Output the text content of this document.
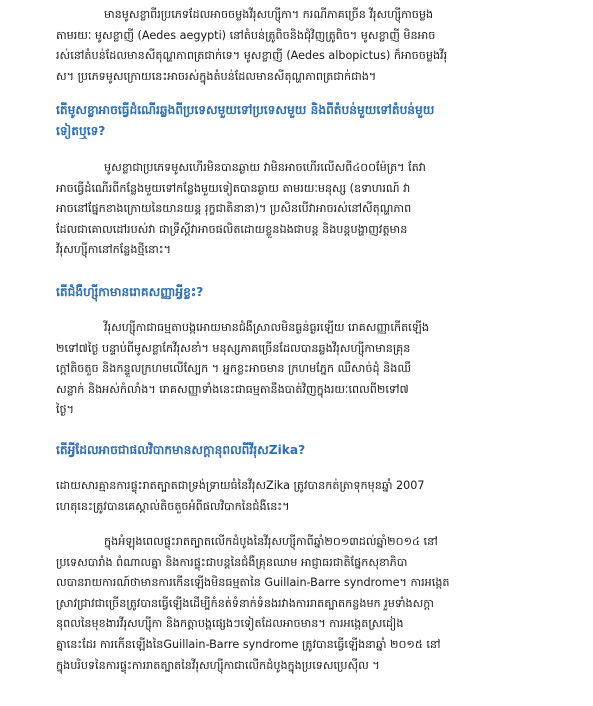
មានមូសខ្លាពីរប្រភេទដែលអាចចម្លងវីរុសហ្ស៊ីកា។ ករណីភាគច្រើន វីរុសហ្ស៊ីកាចម្លង
តាមរយៈ មូសខ្លាញី (Aedes aegypti) នៅតំបន់ត្រូពិចនិងជុំវិញត្រូពិច។ មូសខ្លាញី មិនអាច
រស់នៅតំបន់ដែលមានសីតុណ្ហភាពត្រជាក់ទេ។ មូសខ្លាញី (Aedes albopictus) ក៏អាចចម្លងវីរុ
ស។ ប្រភេទមូសក្រោយនេះអាចរស់ក្នុងតំបន់ដែលមានសីតុណ្ហភាពត្រជាក់ជាង។
តើមូសខ្លាអាចធ្វើដំណើរឆ្លងពីប្រទេសមួយទៅប្រទេសមួយ និងពីតំបន់មួយទៅតំបន់មួយ
ទៀតឬទេ?
មូសខ្លាជាប្រភេទមូសហើរមិនបានឆ្ងាយ វាមិនអាចហើរលើសពី៤០០ម៉ែត្រ។ តែវា
អាចធ្វើដំណើរពីកន្លែងមួយទៅកន្លែងមួយទៀតបានឆ្ងាយ តាមរយៈមនុស្ស (ឧទាហរណ៍ វា
អាចនៅផ្នែកខាងក្រោយនៃយានយន្ត រុក្ខជាតិនានា)។ ប្រសិនបើវាអាចរស់នៅសីតុណ្ហភាព
ដែលជាគោលដៅរបស់វា ជាទ្រឹស្តីវាអាចផលិតដោយខ្លួនឯងជាបន្ត និងបន្តបង្ហាញវត្តមាន
វីរុសហ្ស៊ីកានៅកន្លែងថ្មីនោះ។
តើជំងឺហ្ស៊ីកាមានរោគសញ្ញាអ្វីខ្លះ?
វីរុសហ្ស៊ីកាជាធម្មតាបង្កអោយមានជំងឺស្រាលមិនធ្ងន់ធ្ងរឡើយ រោគសញ្ញាកើតឡើង
២ទៅ៧ថ្ងៃ បន្ទាប់ពីមូសខ្លាកែវីរុសខាំ។ មនុស្សភាគច្រើនដែលបានឆ្លងវីរុសហ្ស៊ីកាមានគ្រុន
ក្តៅតិចតួច និងកន្ទួលក្រហមលើស្បែក ។ អ្នកខ្លះអាចមាន ក្រហមភ្នែក ឈឺសាច់ដុំ និងឈឺ
សន្លាក់ និងអស់កំលាំង។ រោគសញ្ញាទាំងនេះជាធម្មតានឹងបាត់វិញក្នុងរយៈពេលពី២ទៅ៧
ថ្ងៃ។
តើអ្វីដែលអាចជាផលវិបាកមានសក្តានុពលពីវីរុសZika?
ដោយសារគ្មានការផ្ទុះរាតត្បាតជាទ្រង់ទ្រាយធំនៃវីរុសZika ត្រូវបានកត់ត្រាទុកមុនឆ្នាំ 2007
ហេតុនេះត្រូវបានគេស្គាល់តិចតួចអំពីផលវិបាកនៃជំងឺនេះ។
ក្នុងអំឡុងពេលផ្ទុះរាតត្បាតលើកដំបូងនៃវីរុសហ្ស៊ីកាពីឆ្នាំ២០១៣ដល់ឆ្នាំ២០១៤ នៅ
ប្រទេសបារាំង ពំណាលគ្នា និងការផ្ទុះជាបន្តនៃជំងឺគ្រុនឈាម អាជ្ញាធរជាតិផ្នែកសុខាភិបា
លបានរាយការណ៍ថាមានការកើនឡើងមិនធម្មតានៃ Guillain-Barre syndrome។ ការអង្កេត
ស្រាវជ្រាវជាច្រើនត្រូវបានធ្វើឡើងដើម្បីកំនត់ទំនាក់ទំនងរវាងការរាតត្បាតកន្លងមក រួមទាំងសក្តា
នុពលនៃមុខងារវីរុសហ្ស៊ីកា និងកត្តាបង្កផ្សេងៗទៀតដែលអាចមាន។ ការអង្កេតស្រដៀង
គ្នានេះដែរ ការកើនឡើងនៃGuillain-Barre syndrome ត្រូវបានធ្វើឡើងនាឆ្នាំ ២០១៥ នៅ
ក្នុងបរិបទនៃការផ្ទុះការរាតត្បាតនៃវីរុសហ្ស៊ីកាជាលើកដំបូងក្នុងប្រទេសប្រេស៊ីល ។
